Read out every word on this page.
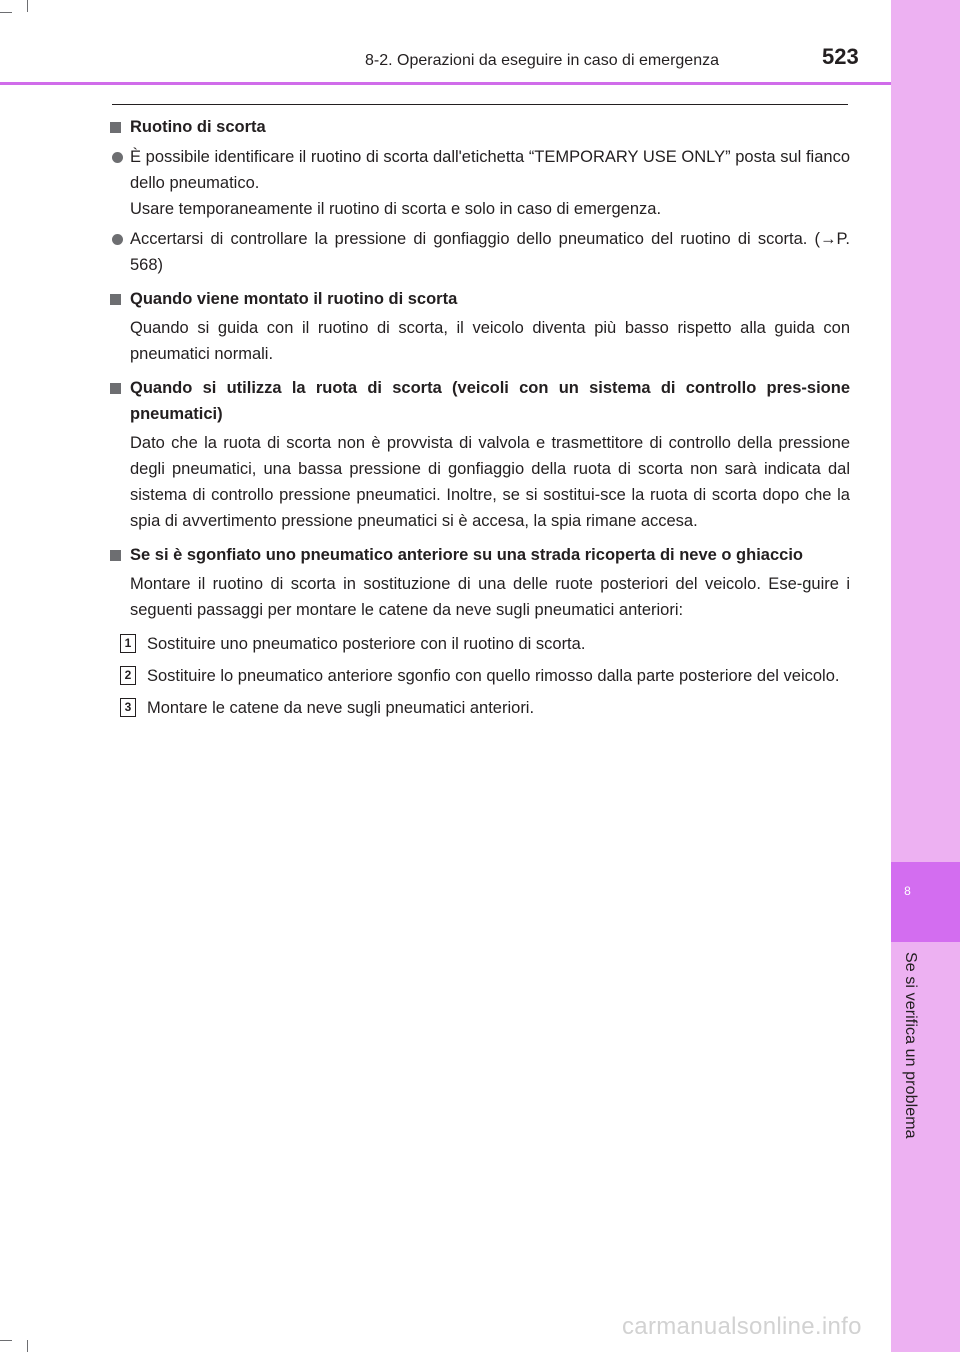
8
Se si verifica un problema
8-2. Operazioni da eseguire in caso di emergenza	523
Ruotino di scorta
È possibile identificare il ruotino di scorta dall'etichetta “TEMPORARY USE ONLY” posta sul fianco dello pneumatico.
Usare temporaneamente il ruotino di scorta e solo in caso di emergenza.
Accertarsi di controllare la pressione di gonfiaggio dello pneumatico del ruotino di scorta. (→P. 568)
Quando viene montato il ruotino di scorta
Quando si guida con il ruotino di scorta, il veicolo diventa più basso rispetto alla guida con pneumatici normali.
Quando si utilizza la ruota di scorta (veicoli con un sistema di controllo pres-sione pneumatici)
Dato che la ruota di scorta non è provvista di valvola e trasmettitore di controllo della pressione degli pneumatici, una bassa pressione di gonfiaggio della ruota di scorta non sarà indicata dal sistema di controllo pressione pneumatici. Inoltre, se si sostitui-sce la ruota di scorta dopo che la spia di avvertimento pressione pneumatici si è accesa, la spia rimane accesa.
Se si è sgonfiato uno pneumatico anteriore su una strada ricoperta di neve o ghiaccio
Montare il ruotino di scorta in sostituzione di una delle ruote posteriori del veicolo. Ese-guire i seguenti passaggi per montare le catene da neve sugli pneumatici anteriori:
1 Sostituire uno pneumatico posteriore con il ruotino di scorta.
2 Sostituire lo pneumatico anteriore sgonfio con quello rimosso dalla parte posteriore del veicolo.
3 Montare le catene da neve sugli pneumatici anteriori.
carmanualsonline.info
